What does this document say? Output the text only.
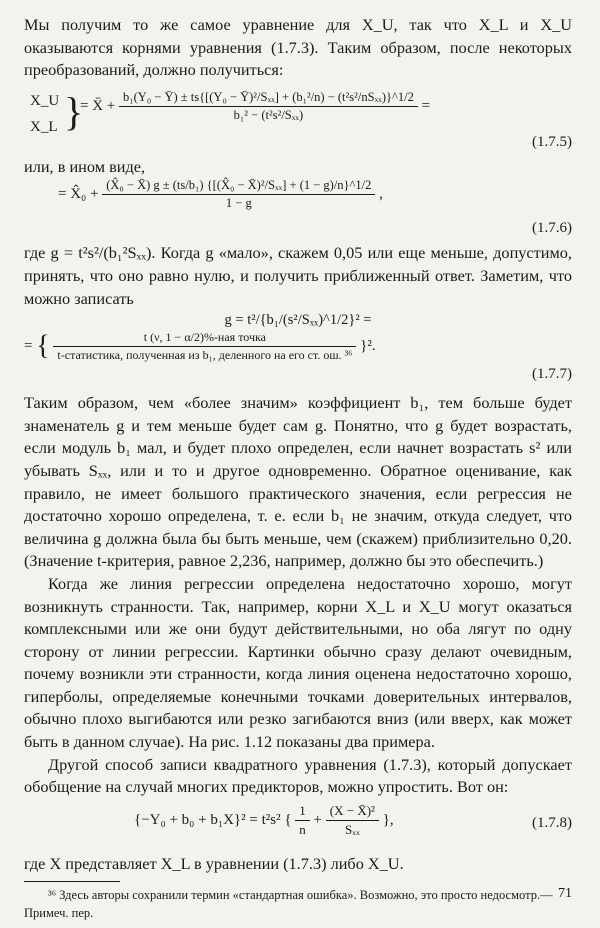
Мы получим то же самое уравнение для X_U, так что X_L и X_U оказываются корнями уравнения (1.7.3). Таким образом, после некоторых преобразований, должно получиться:

X_U
X_L }
= X̄ + $\frac{\text{b₁(Y₀ − Ȳ) ± ts\{[(Y₀ − Ȳ)²/Sₓₓ] + (b₁²/n) − (t²s²/nSₓₓ)\}\textasciicircum{}1/2}}{\text{b₁² − (t²s²/Sₓₓ)}}$ =
(1.7.5)

или, в ином виде,

= X̂₀ + $\frac{\text{(X̂₀ − X̄) g ± (ts/b₁) \{[(X̂₀ − X̄)²/Sₓₓ] + (1 − g)/n\}\textasciicircum{}1/2}}{1 - g}$ ,
(1.7.6)

где g = t²s²/(b₁²Sₓₓ). Когда g «мало», скажем 0,05 или еще меньше, допустимо, принять, что оно равно нулю, и получить приближенный ответ. Заметим, что можно записать

g = t²/{b₁/(s²/Sₓₓ)^1/2}² =
= { $\frac{\text{t (ν, 1 − α/2)\%-ная точка}}{\text{t-статистика, полученная из b₁, деленного на его ст. ош. ³⁶}} \}^2$.
(1.7.7)

Таким образом, чем «более значим» коэффициент b₁, тем больше будет знаменатель g и тем меньше будет сам g. Понятно, что g будет возрастать, если модуль b₁ мал, и будет плохо определен, если начнет возрастать s² или убывать Sₓₓ, или и то и другое одновременно. Обратное оценивание, как правило, не имеет большого практического значения, если регрессия не достаточно хорошо определена, т. е. если b₁ не значим, откуда следует, что величина g должна была бы быть меньше, чем (скажем) приблизительно 0,20. (Значение t-критерия, равное 2,236, например, должно бы это обеспечить.)

Когда же линия регрессии определена недостаточно хорошо, могут возникнуть странности. Так, например, корни X_L и X_U могут оказаться комплексными или же они будут действительными, но оба лягут по одну сторону от линии регрессии. Картинки обычно сразу делают очевидным, почему возникли эти странности, когда линия оценена недостаточно хорошо, гиперболы, определяемые конечными точками доверительных интервалов, обычно плохо выгибаются или резко загибаются вниз (или вверх, как может быть в данном случае). На рис. 1.12 показаны два примера.

Другой способ записи квадратного уравнения (1.7.3), который допускает обобщение на случай многих предикторов, можно упростить. Вот он:

{−Y₀ + b₀ + b₁X}² = t²s² { $\frac{1}{n} + \frac{\text{(X − X̄)²}}{\text{Sₓₓ}}$ },	(1.7.8)

где X представляет X_L в уравнении (1.7.3) либо X_U.

³⁶ Здесь авторы сохранили термин «стандартная ошибка». Возможно, это просто недосмотр.— Примеч. пер.

71
